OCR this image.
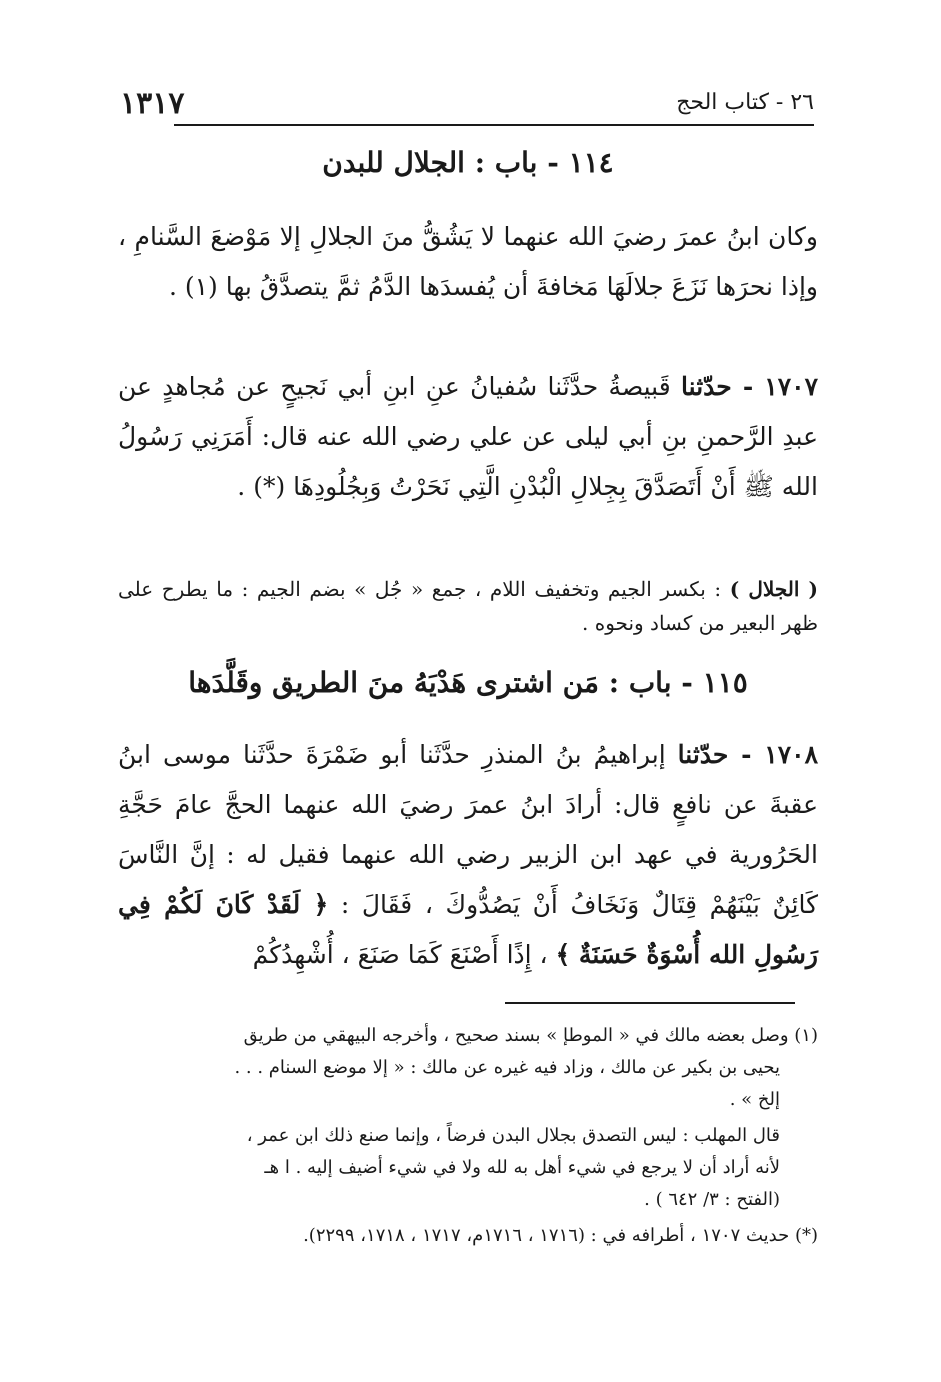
١٣١٧	٢٦ - كتاب الحج
١١٤ - باب : الجلال للبدن
وكان ابنُ عمرَ رضيَ الله عنهما لا يَشُقُّ منَ الجلالِ إلا مَوْضعَ السَّنامِ ، وإذا نحرَها نَزَعَ جلالَهَا مَخافةَ أن يُفسدَها الدَّمُ ثمَّ يتصدَّقُ بها (١) .
١٧٠٧ - حدّثنا قَبيصةُ حدَّثَنا سُفيانُ عنِ ابنِ أبي نَجيحٍ عن مُجاهدٍ عن عبدِ الرَّحمنِ بنِ أبي ليلى عن علي رضي الله عنه قال: أَمَرَنِي رَسُولُ الله ﷺ أَنْ أَتَصَدَّقَ بِجِلالِ الْبُدْنِ الَّتِي نَحَرْتُ وَبِجُلُودِهَا (*) .
( الجلال ) : بكسر الجيم وتخفيف اللام ، جمع « جُل » بضم الجيم : ما يطرح على ظهر البعير من كساد ونحوه .
١١٥ - باب : مَن اشترى هَدْيَهُ منَ الطريق وقَلَّدَها
١٧٠٨ - حدّثنا إبراهيمُ بنُ المنذرِ حدَّثَنا أبو ضَمْرَةَ حدَّثَنا موسى ابنُ عقبةَ عن نافعٍ قال: أرادَ ابنُ عمرَ رضيَ الله عنهما الحجَّ عامَ حَجَّةِ الحَرُورية في عهد ابن الزبير رضي الله عنهما فقيل له : إنَّ النَّاسَ كَائِنٌ بَيْنَهُمْ قِتَالٌ وَنَخَافُ أَنْ يَصُدُّوكَ ، فَقَالَ : ﴿ لَقَدْ كَانَ لَكُمْ فِي رَسُولِ الله أُسْوَةٌ حَسَنَةٌ ﴾ ، إِذًا أَصْنَعَ كَمَا صَنَعَ ، أُشْهِدُكُمْ

(١) وصل بعضه مالك في « الموطإ » بسند صحيح ، وأخرجه البيهقي من طريق

يحيى بن بكير عن مالك ، وزاد فيه غيره عن مالك : « إلا موضع السنام . . .

إلخ » .

قال المهلب : ليس التصدق بجلال البدن فرضاً ، وإنما صنع ذلك ابن عمر ،

لأنه أراد أن لا يرجع في شيء أهل به لله ولا في شيء أضيف إليه . ا هـ

(الفتح : ٣/ ٦٤٢ ) .

(*) حديث ١٧٠٧ ، أطرافه في : (١٧١٦ ، ١٧١٦م، ١٧١٧ ، ١٧١٨، ٢٢٩٩).
